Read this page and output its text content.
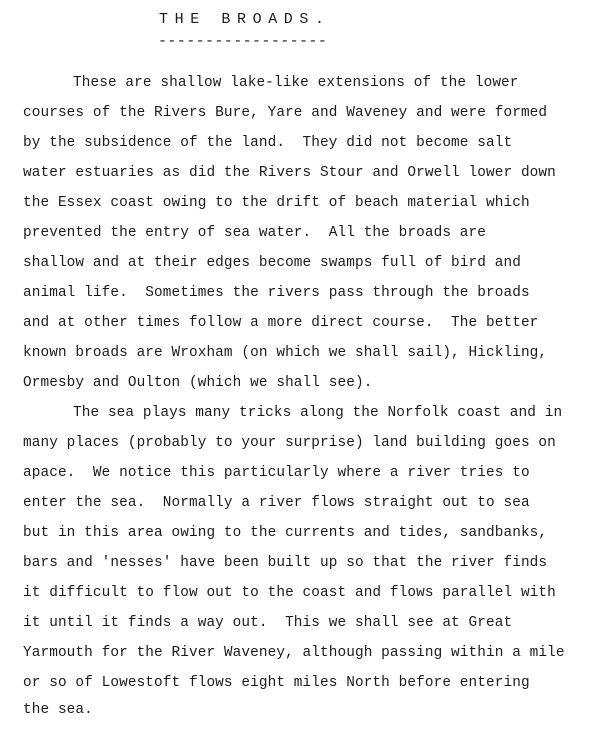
THE BROADS.
------------------
These are shallow lake-like extensions of the lower
courses of the Rivers Bure, Yare and Waveney and were formed
by the subsidence of the land.  They did not become salt
water estuaries as did the Rivers Stour and Orwell lower down
the Essex coast owing to the drift of beach material which
prevented the entry of sea water.  All the broads are
shallow and at their edges become swamps full of bird and
animal life.  Sometimes the rivers pass through the broads
and at other times follow a more direct course.  The better
known broads are Wroxham (on which we shall sail), Hickling,
Ormesby and Oulton (which we shall see).
The sea plays many tricks along the Norfolk coast and in
many places (probably to your surprise) land building goes on
apace.  We notice this particularly where a river tries to
enter the sea.  Normally a river flows straight out to sea
but in this area owing to the currents and tides, sandbanks,
bars and 'nesses' have been built up so that the river finds
it difficult to flow out to the coast and flows parallel with
it until it finds a way out.  This we shall see at Great
Yarmouth for the River Waveney, although passing within a mile
or so of Lowestoft flows eight miles North before entering
the sea.
